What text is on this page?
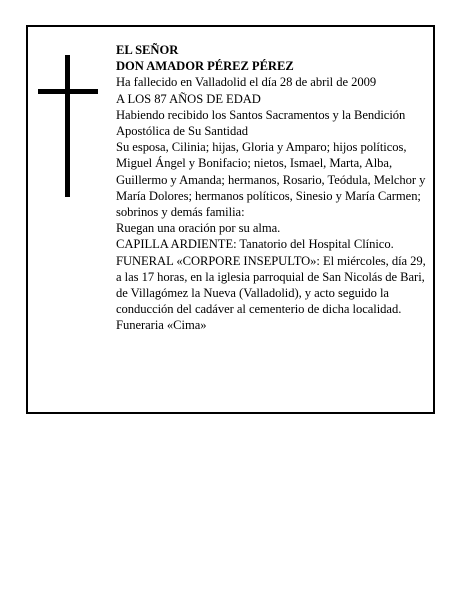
EL SEÑOR

DON AMADOR PÉREZ PÉREZ

Ha fallecido en Valladolid el día 28 de abril de 2009

A LOS 87 AÑOS DE EDAD

Habiendo recibido los Santos Sacramentos y la Bendición Apostólica de Su Santidad

Su esposa, Cilinia; hijas, Gloria y Amparo; hijos políticos, Miguel Ángel y Bonifacio; nietos, Ismael, Marta, Alba, Guillermo y Amanda; hermanos, Rosario, Teódula, Melchor y María Dolores; hermanos políticos, Sinesio y María Carmen; sobrinos y demás familia:

Ruegan una oración por su alma.

CAPILLA ARDIENTE: Tanatorio del Hospital Clínico.

FUNERAL «CORPORE INSEPULTO»: El miércoles, día 29, a las 17 horas, en la iglesia parroquial de San Nicolás de Bari, de Villagómez la Nueva (Valladolid), y acto seguido la conducción del cadáver al cementerio de dicha localidad.

Funeraria «Cima»
